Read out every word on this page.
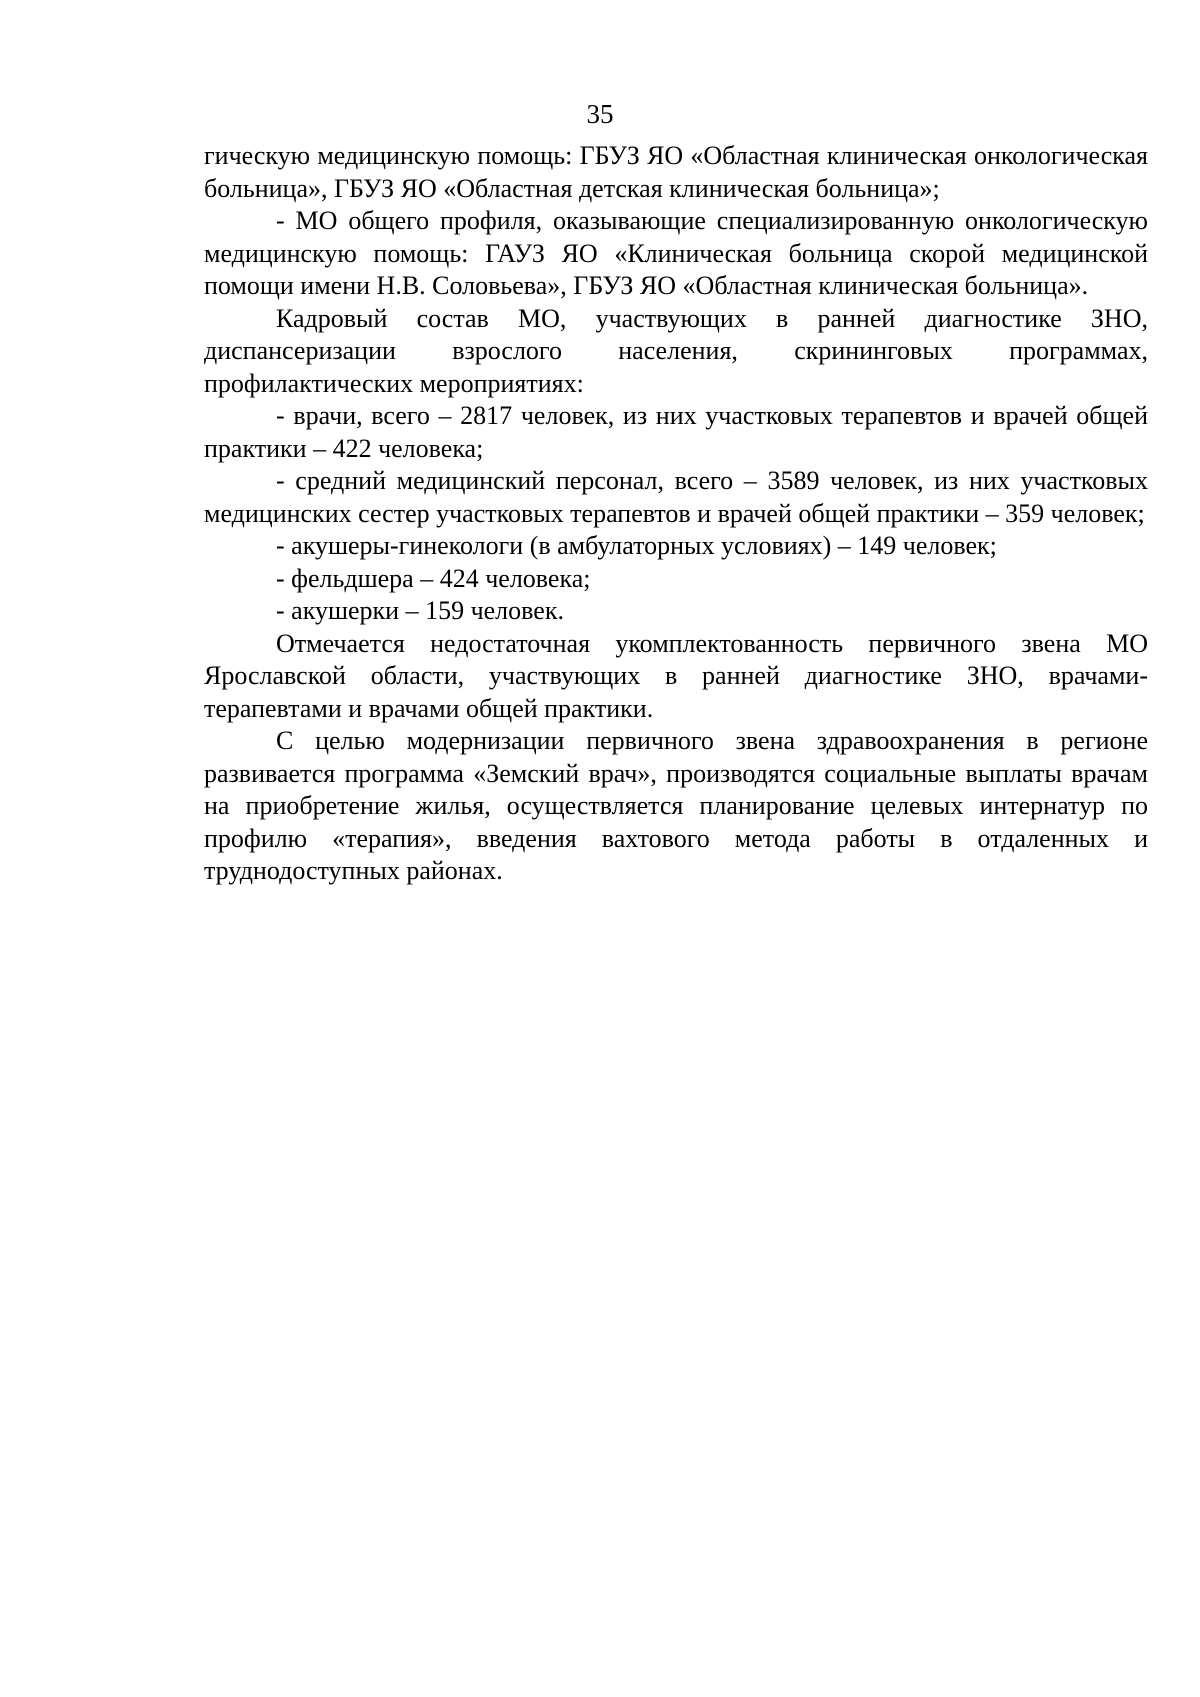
35

гическую медицинскую помощь: ГБУЗ ЯО «Областная клиническая онкологическая больница», ГБУЗ ЯО «Областная детская клиническая больница»;

- МО общего профиля, оказывающие специализированную онкологическую медицинскую помощь: ГАУЗ ЯО «Клиническая больница скорой медицинской помощи имени Н.В. Соловьева», ГБУЗ ЯО «Областная клиническая больница».

Кадровый состав МО, участвующих в ранней диагностике ЗНО, диспансеризации взрослого населения, скрининговых программах, профилактических мероприятиях:

- врачи, всего – 2817 человек, из них участковых терапевтов и врачей общей практики – 422 человека;

- средний медицинский персонал, всего – 3589 человек, из них участковых медицинских сестер участковых терапевтов и врачей общей практики – 359 человек;

- акушеры-гинекологи (в амбулаторных условиях) – 149 человек;

- фельдшера – 424 человека;

- акушерки – 159 человек.

Отмечается недостаточная укомплектованность первичного звена МО Ярославской области, участвующих в ранней диагностике ЗНО, врачами-терапевтами и врачами общей практики.

С целью модернизации первичного звена здравоохранения в регионе развивается программа «Земский врач», производятся социальные выплаты врачам на приобретение жилья, осуществляется планирование целевых интернатур по профилю «терапия», введения вахтового метода работы в отдаленных и труднодоступных районах.
